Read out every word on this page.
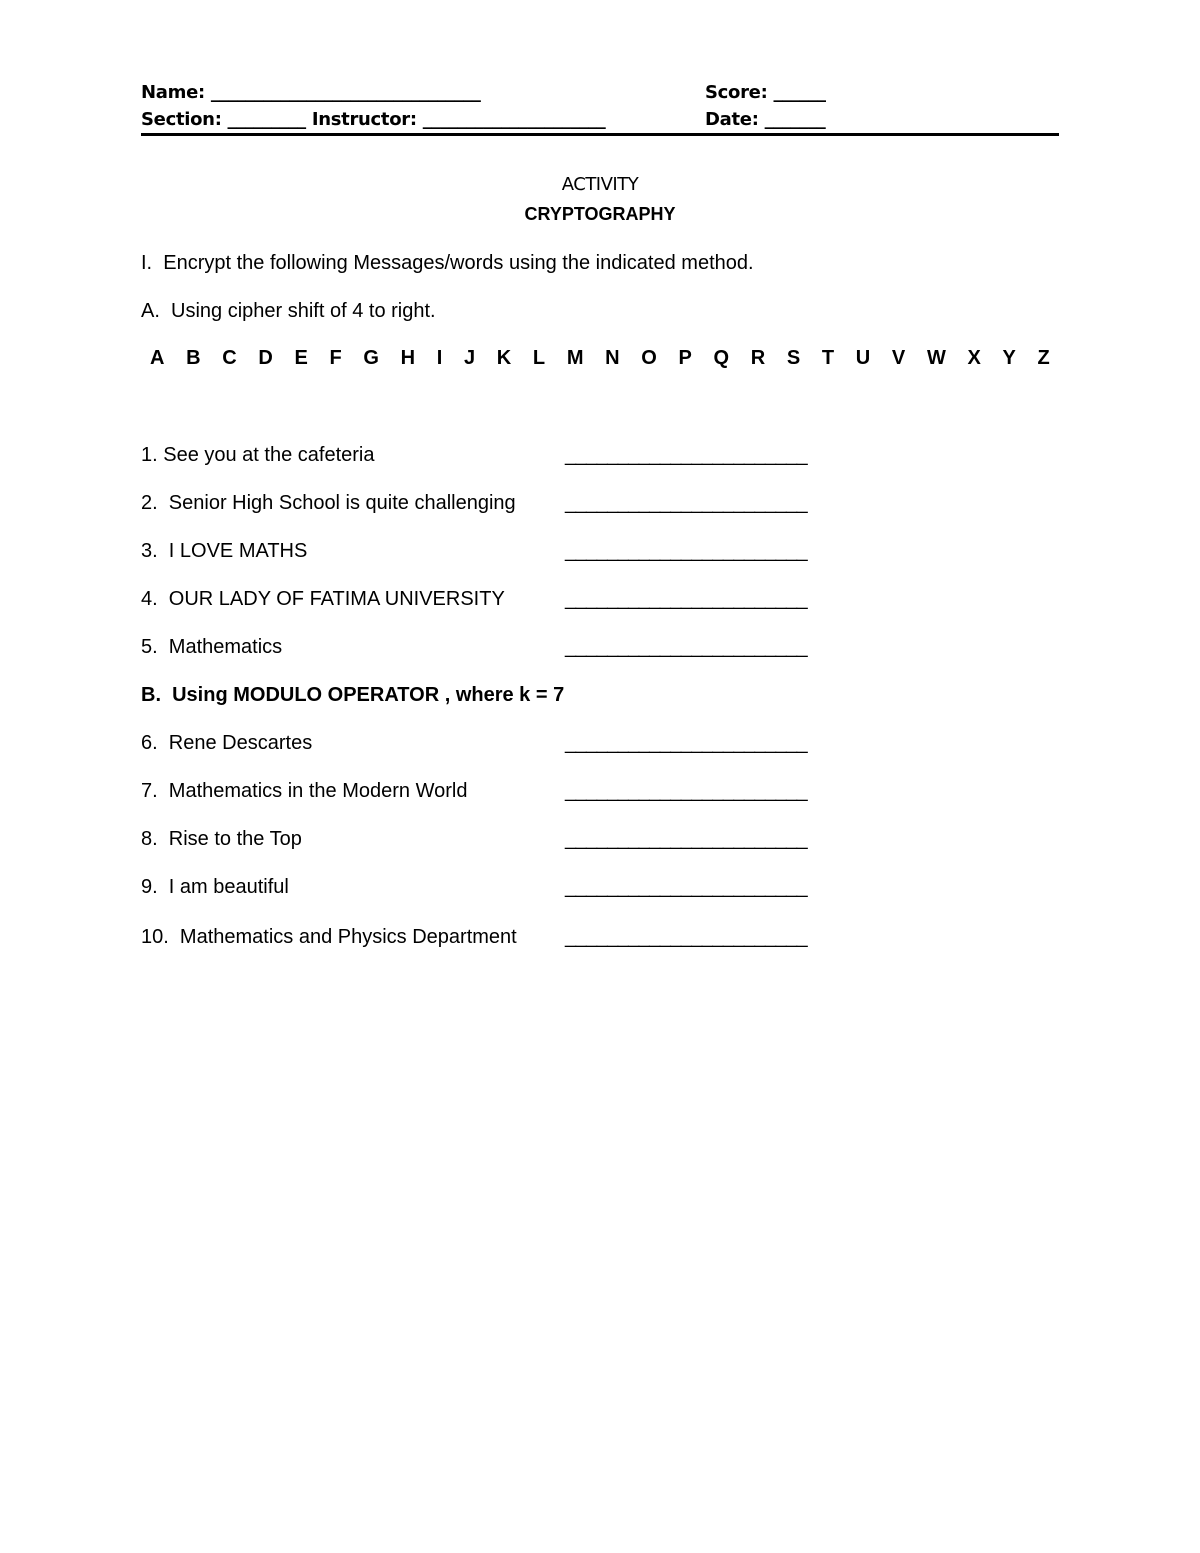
Name: _______________________________	Score: ______
Section: _________ Instructor: _____________________	Date: _______
ACTIVITY
CRYPTOGRAPHY
I.  Encrypt the following Messages/words using the indicated method.
A.  Using cipher shift of 4 to right.
A B C D E F G H I J K L M N O P Q R S T U V W X Y Z
1. See you at the cafeteria	_______________________
2.  Senior High School is quite challenging _______________________
3.  I LOVE MATHS	_______________________
4.  OUR LADY OF FATIMA UNIVERSITY	_______________________
5.  Mathematics	_______________________
B.  Using MODULO OPERATOR , where k = 7
6.  Rene Descartes	_______________________
7.  Mathematics in the Modern World	_______________________
8.  Rise to the Top	_______________________
9.  I am beautiful	_______________________
10.  Mathematics and Physics Department _______________________
